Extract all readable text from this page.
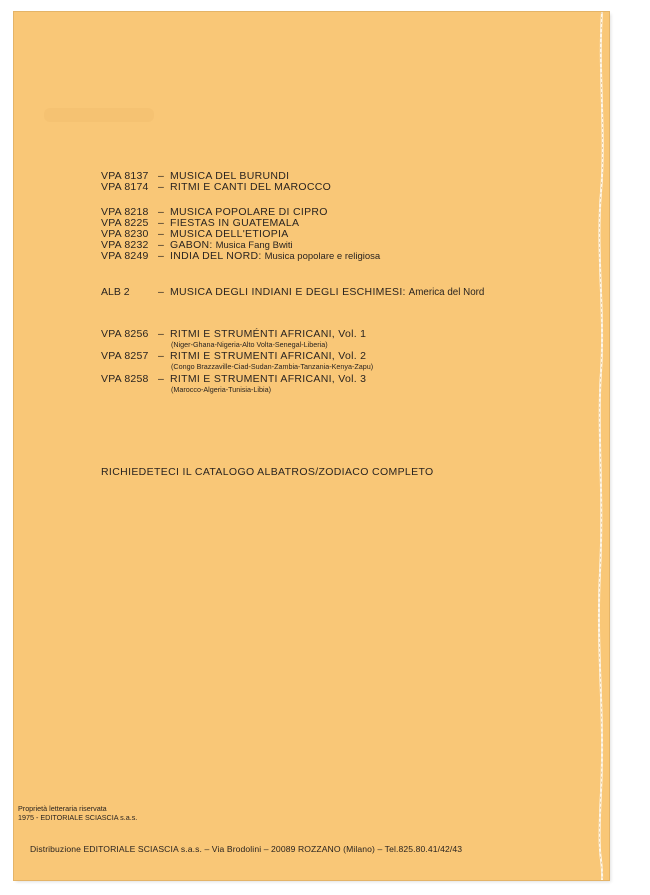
VPA 8137 – MUSICA DEL BURUNDI
VPA 8174 – RITMI E CANTI DEL MAROCCO
VPA 8218 – MUSICA POPOLARE DI CIPRO
VPA 8225 – FIESTAS IN GUATEMALA
VPA 8230 – MUSICA DELL'ETIOPIA
VPA 8232 – GABON: Musica Fang Bwiti
VPA 8249 – INDIA DEL NORD: Musica popolare e religiosa
ALB 2	– MUSICA DEGLI INDIANI E DEGLI ESCHIMESI: America del Nord
VPA 8256 – RITMI E STRUMÉNTI AFRICANI, Vol. 1
(Niger-Ghana-Nigeria-Alto Volta-Senegal-Liberia)
VPA 8257 – RITMI E STRUMENTI AFRICANI, Vol. 2
(Congo Brazzaville-Ciad-Sudan-Zambia-Tanzania-Kenya-Zapu)
VPA 8258 – RITMI E STRUMENTI AFRICANI, Vol. 3
(Marocco-Algeria-Tunisia-Libia)
RICHIEDETECI IL CATALOGO ALBATROS/ZODIACO COMPLETO
Proprietà letteraria riservata
1975 - EDITORIALE SCIASCIA s.a.s.
Distribuzione EDITORIALE SCIASCIA s.a.s. – Via Brodolini – 20089 ROZZANO (Milano) – Tel.825.80.41/42/43
